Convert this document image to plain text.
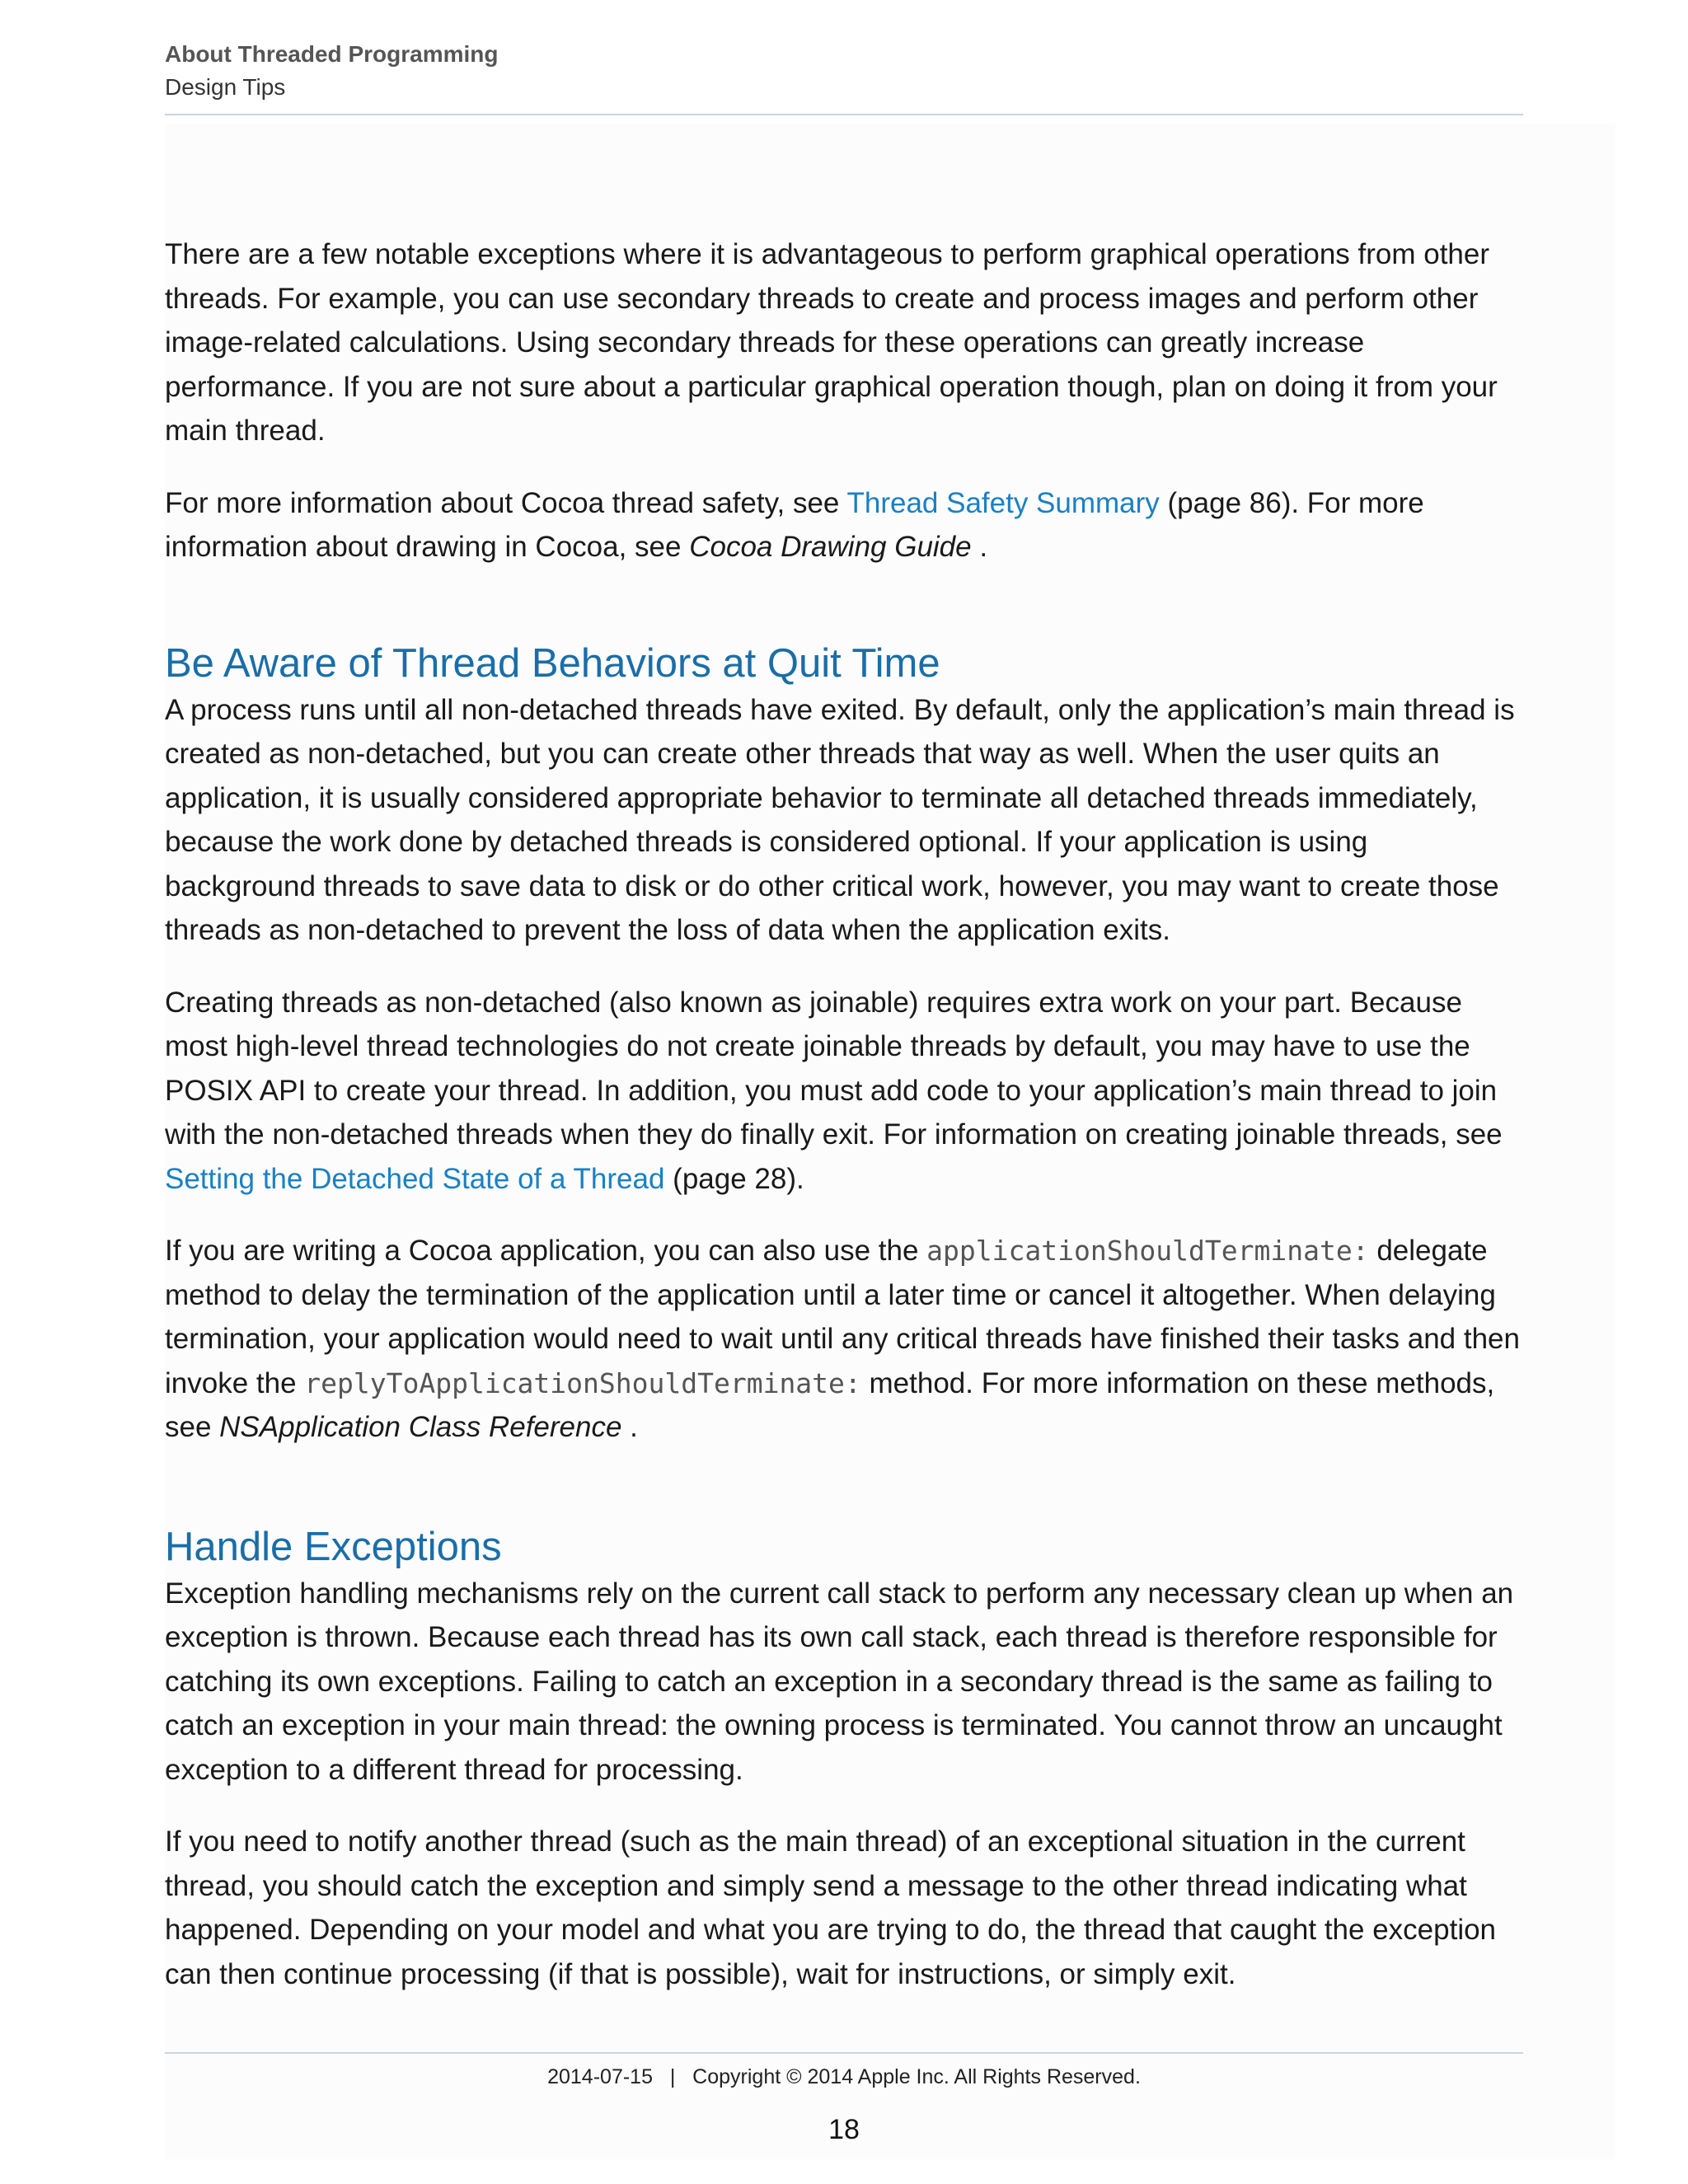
About Threaded Programming
Design Tips

There are a few notable exceptions where it is advantageous to perform graphical operations from other threads. For example, you can use secondary threads to create and process images and perform other image-related calculations. Using secondary threads for these operations can greatly increase performance. If you are not sure about a particular graphical operation though, plan on doing it from your main thread.

For more information about Cocoa thread safety, see Thread Safety Summary (page 86). For more information about drawing in Cocoa, see Cocoa Drawing Guide .

Be Aware of Thread Behaviors at Quit Time

A process runs until all non-detached threads have exited. By default, only the application’s main thread is created as non-detached, but you can create other threads that way as well. When the user quits an application, it is usually considered appropriate behavior to terminate all detached threads immediately, because the work done by detached threads is considered optional. If your application is using background threads to save data to disk or do other critical work, however, you may want to create those threads as non-detached to prevent the loss of data when the application exits.

Creating threads as non-detached (also known as joinable) requires extra work on your part. Because most high-level thread technologies do not create joinable threads by default, you may have to use the POSIX API to create your thread. In addition, you must add code to your application’s main thread to join with the non-detached threads when they do finally exit. For information on creating joinable threads, see Setting the Detached State of a Thread (page 28).

If you are writing a Cocoa application, you can also use the applicationShouldTerminate: delegate method to delay the termination of the application until a later time or cancel it altogether. When delaying termination, your application would need to wait until any critical threads have finished their tasks and then invoke the replyToApplicationShouldTerminate: method. For more information on these methods, see NSApplication Class Reference .

Handle Exceptions

Exception handling mechanisms rely on the current call stack to perform any necessary clean up when an exception is thrown. Because each thread has its own call stack, each thread is therefore responsible for catching its own exceptions. Failing to catch an exception in a secondary thread is the same as failing to catch an exception in your main thread: the owning process is terminated. You cannot throw an uncaught exception to a different thread for processing.

If you need to notify another thread (such as the main thread) of an exceptional situation in the current thread, you should catch the exception and simply send a message to the other thread indicating what happened. Depending on your model and what you are trying to do, the thread that caught the exception can then continue processing (if that is possible), wait for instructions, or simply exit.

2014-07-15 | Copyright © 2014 Apple Inc. All Rights Reserved.
18
